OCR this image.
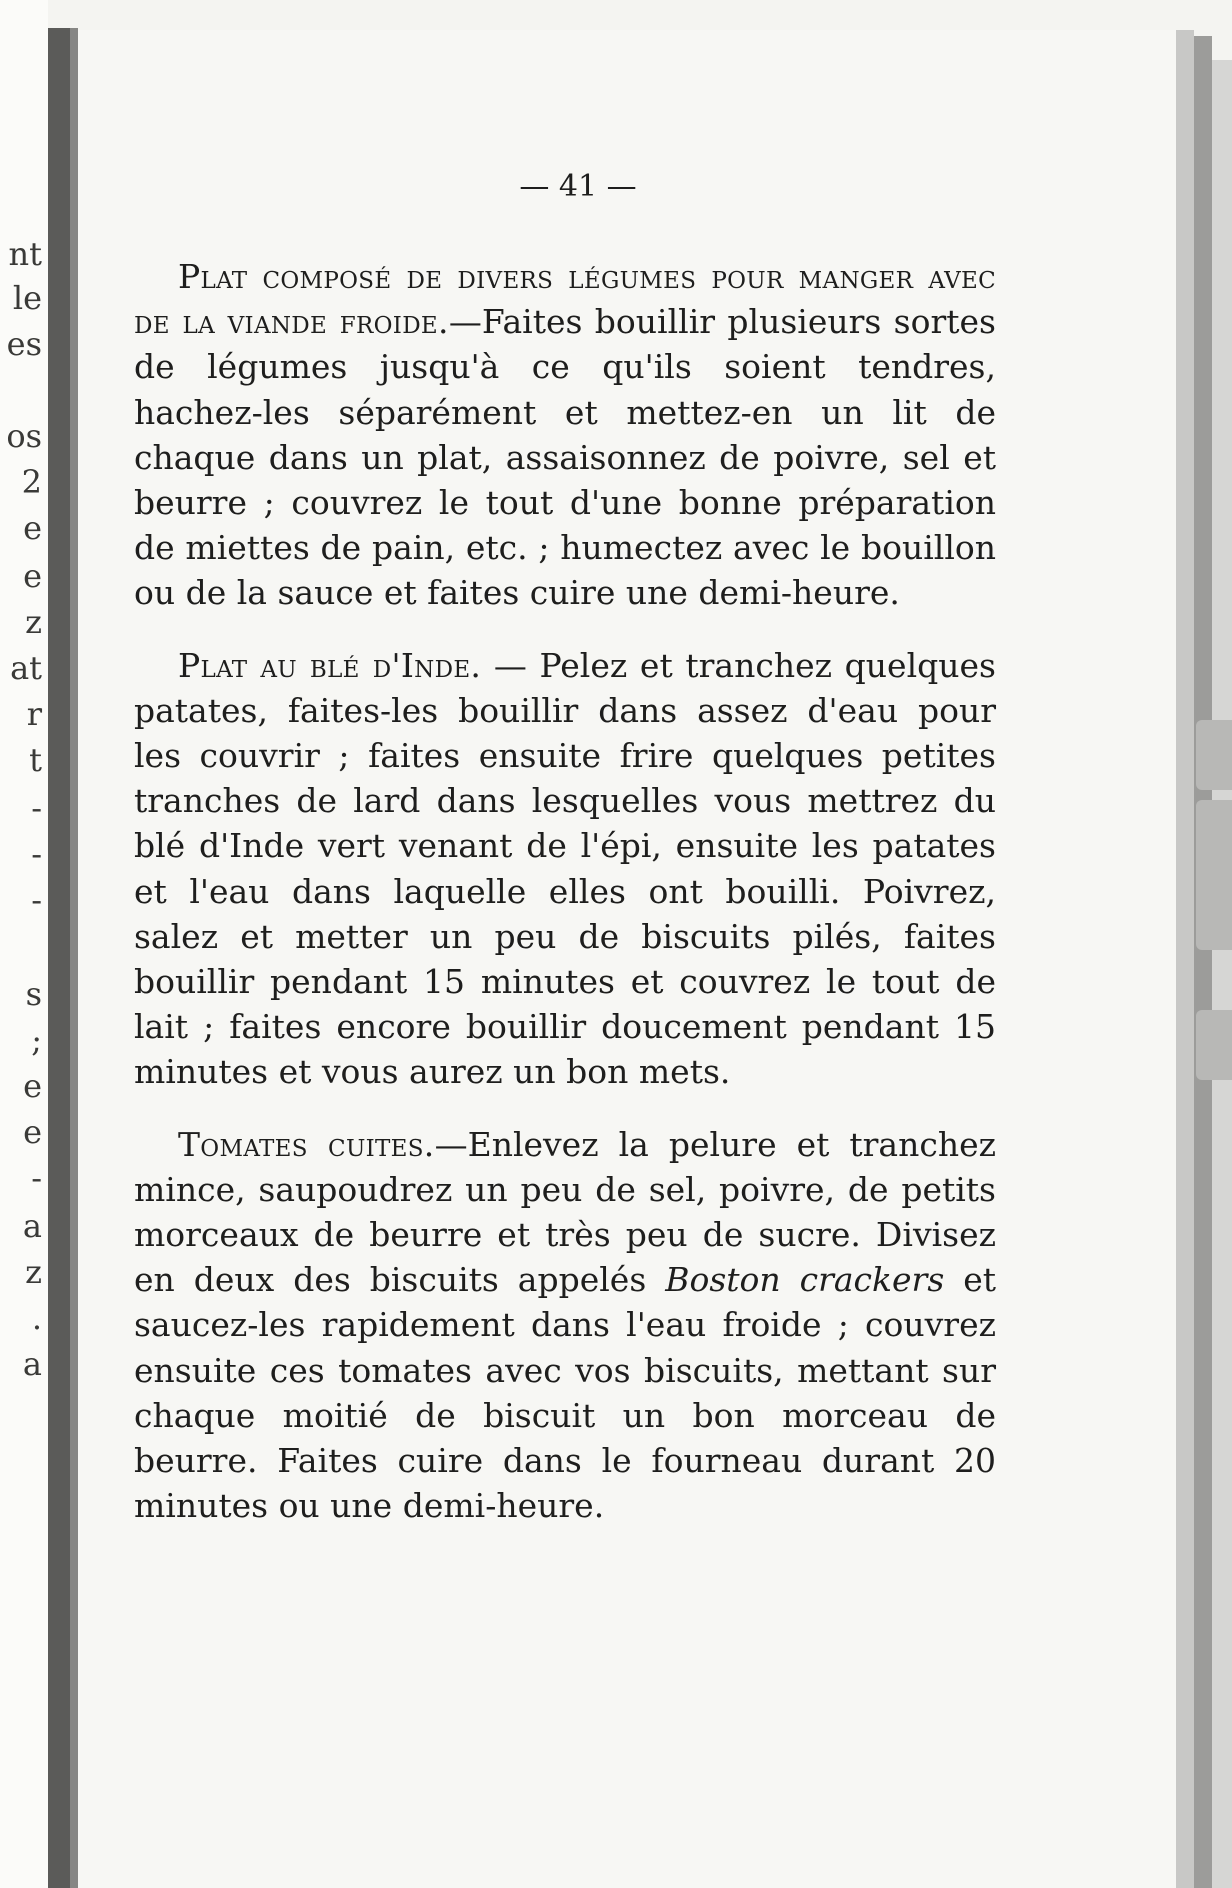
nt
le
es
os
2
e
e
z
at
r
t
-
-
-
s
;
e
e
-
a
z
.
a
— 41 —

Plat composé de divers légumes pour manger avec de la viande froide.—Faites bouillir plusieurs sortes de légumes jusqu'à ce qu'ils soient tendres, hachez-les séparément et mettez-en un lit de chaque dans un plat, assaisonnez de poivre, sel et beurre ; couvrez le tout d'une bonne préparation de miettes de pain, etc. ; humectez avec le bouillon ou de la sauce et faites cuire une demi-heure.

Plat au blé d'Inde. — Pelez et tranchez quelques patates, faites-les bouillir dans assez d'eau pour les couvrir ; faites ensuite frire quelques petites tranches de lard dans lesquelles vous mettrez du blé d'Inde vert venant de l'épi, ensuite les patates et l'eau dans laquelle elles ont bouilli. Poivrez, salez et metter un peu de biscuits pilés, faites bouillir pendant 15 minutes et couvrez le tout de lait ; faites encore bouillir doucement pendant 15 minutes et vous aurez un bon mets.

Tomates cuites.—Enlevez la pelure et tranchez mince, saupoudrez un peu de sel, poivre, de petits morceaux de beurre et très peu de sucre. Divisez en deux des biscuits appelés Boston crackers et saucez-les rapidement dans l'eau froide ; couvrez ensuite ces tomates avec vos biscuits, mettant sur chaque moitié de biscuit un bon morceau de beurre. Faites cuire dans le fourneau durant 20 minutes ou une demi-heure.
